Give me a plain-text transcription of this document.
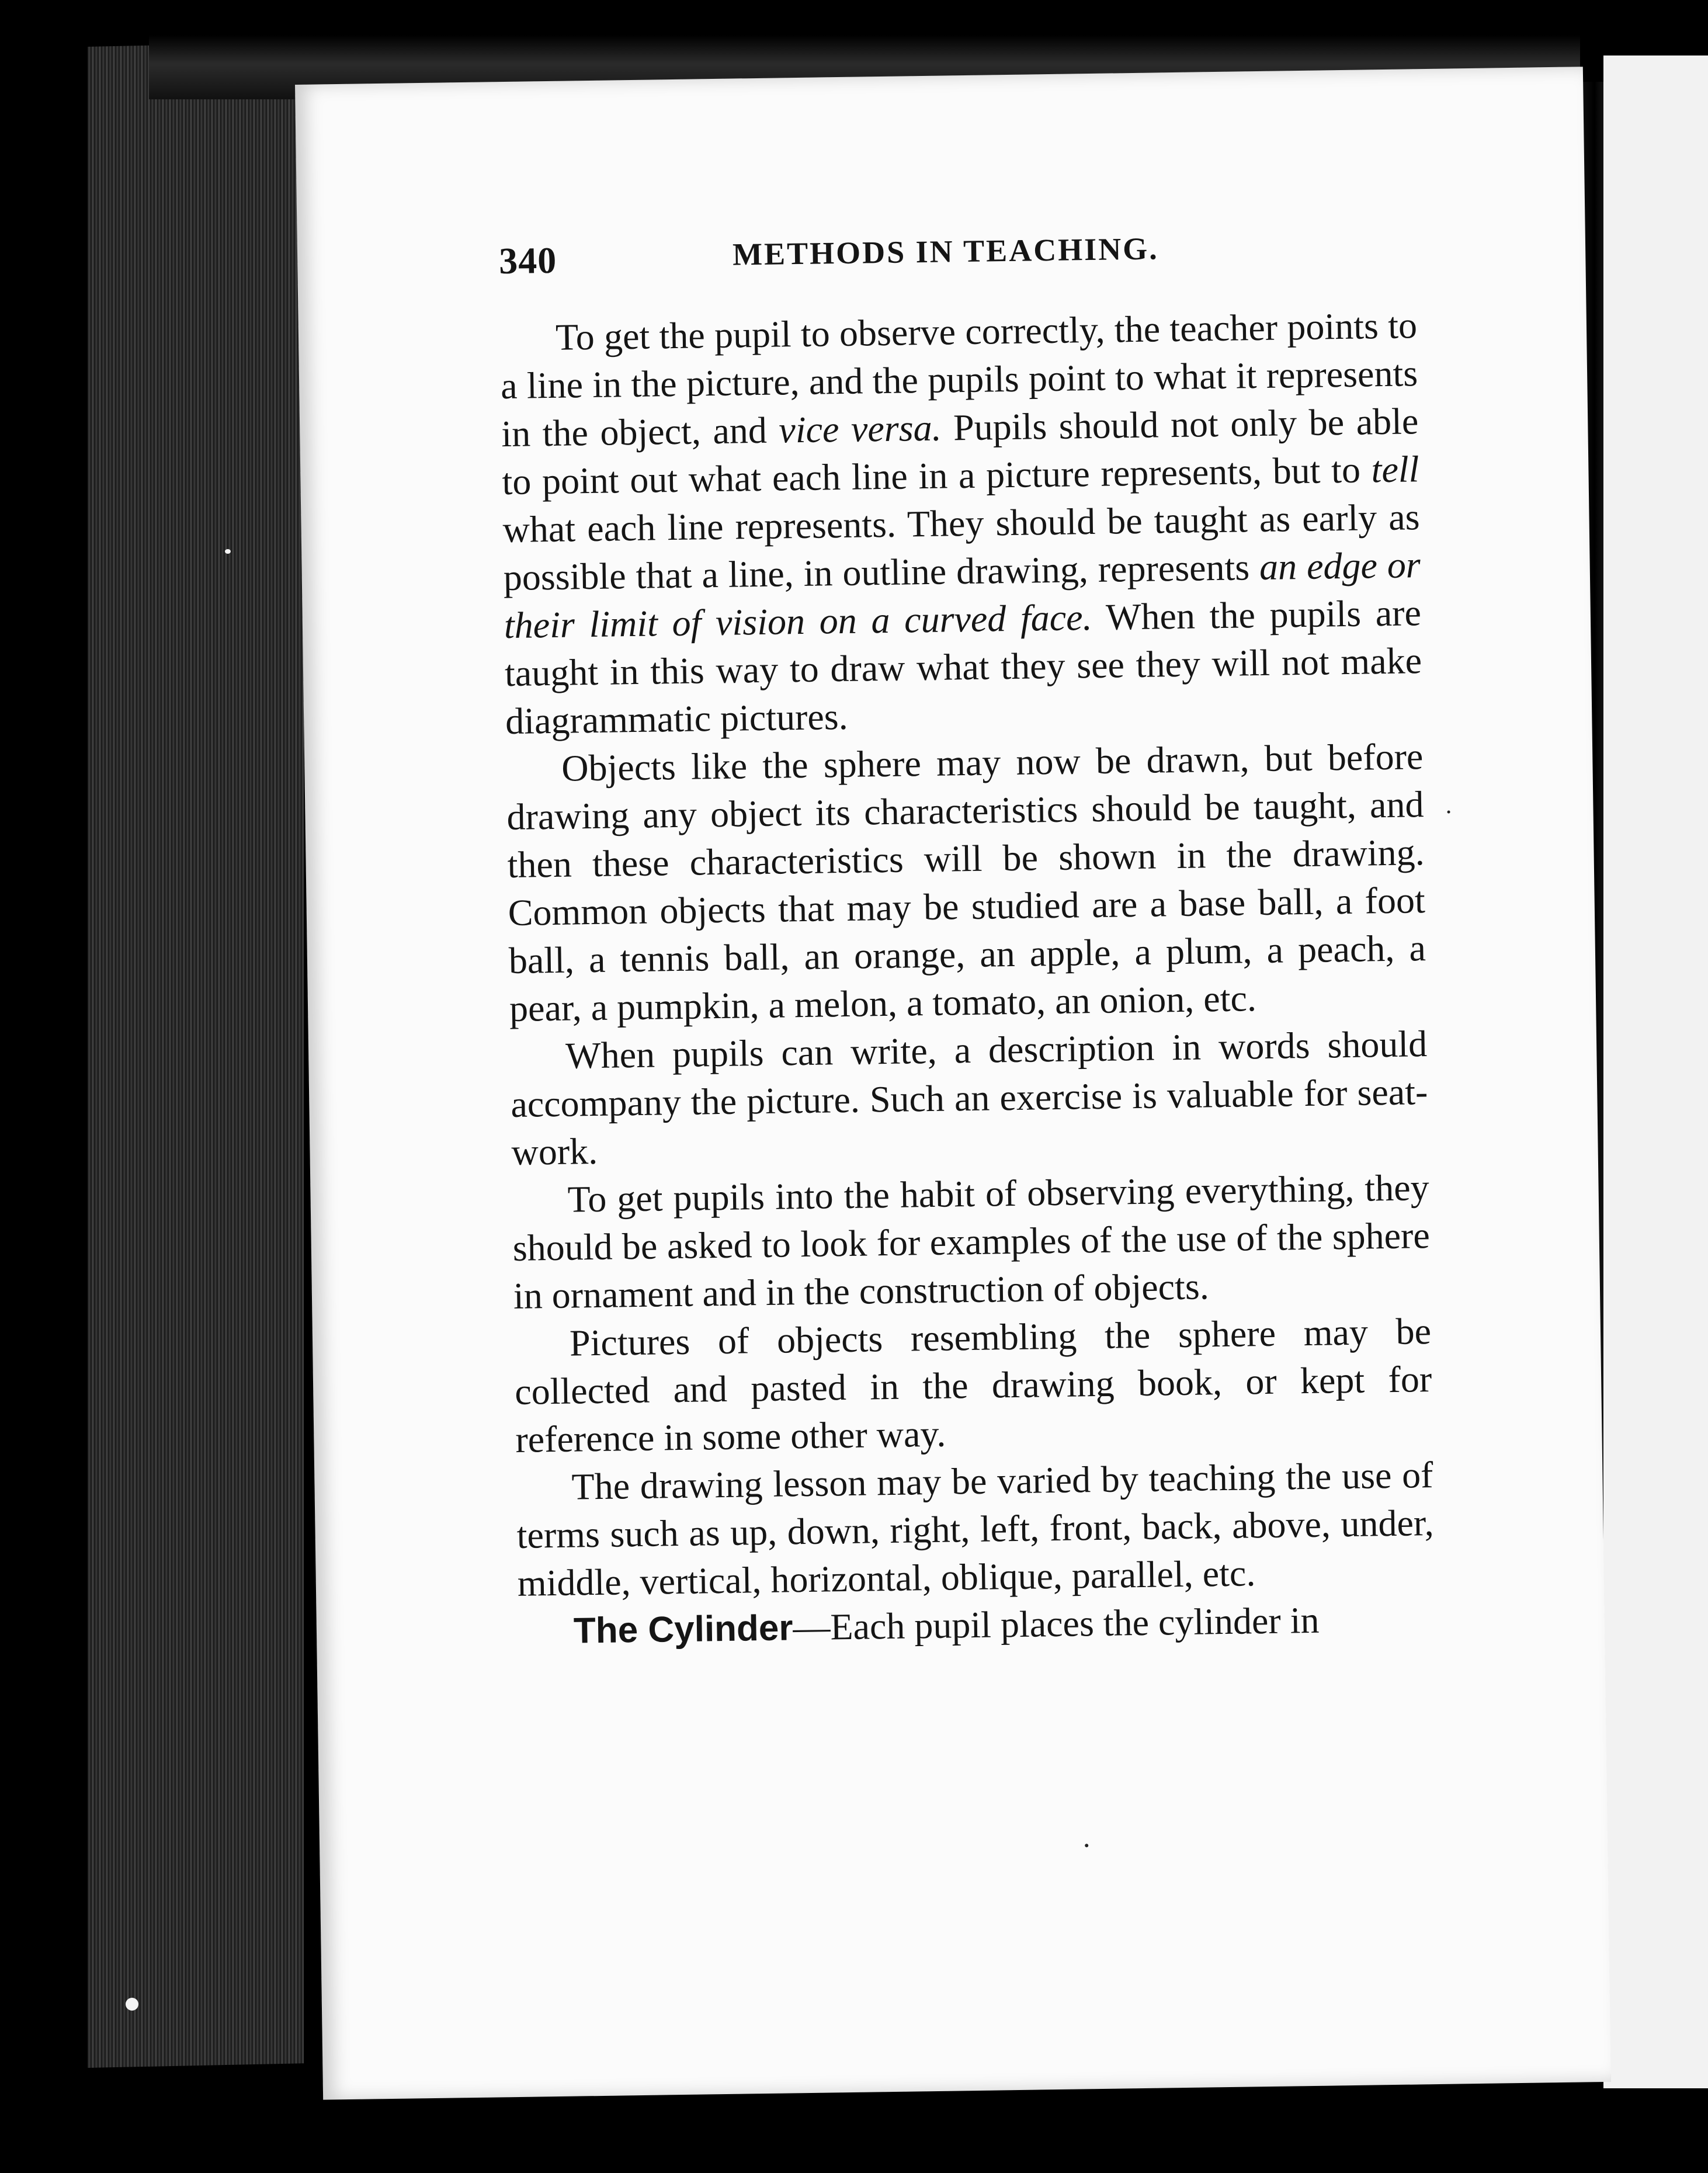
340	METHODS IN TEACHING.

To get the pupil to observe correctly, the teacher points to a line in the picture, and the pupils point to what it represents in the object, and vice versa. Pupils should not only be able to point out what each line in a picture represents, but to tell what each line represents. They should be taught as early as possible that a line, in outline drawing, represents an edge or their limit of vision on a curved face. When the pupils are taught in this way to draw what they see they will not make diagrammatic pictures.

Objects like the sphere may now be drawn, but before drawing any object its characteristics should be taught, and then these characteristics will be shown in the drawing. Common objects that may be studied are a base ball, a foot ball, a tennis ball, an orange, an apple, a plum, a peach, a pear, a pumpkin, a melon, a tomato, an onion, etc.

When pupils can write, a description in words should accompany the picture. Such an exercise is valuable for seat-work.

To get pupils into the habit of observing everything, they should be asked to look for examples of the use of the sphere in ornament and in the construction of objects.

Pictures of objects resembling the sphere may be collected and pasted in the drawing book, or kept for reference in some other way.

The drawing lesson may be varied by teaching the use of terms such as up, down, right, left, front, back, above, under, middle, vertical, horizontal, oblique, parallel, etc.

The Cylinder—Each pupil places the cylinder in
